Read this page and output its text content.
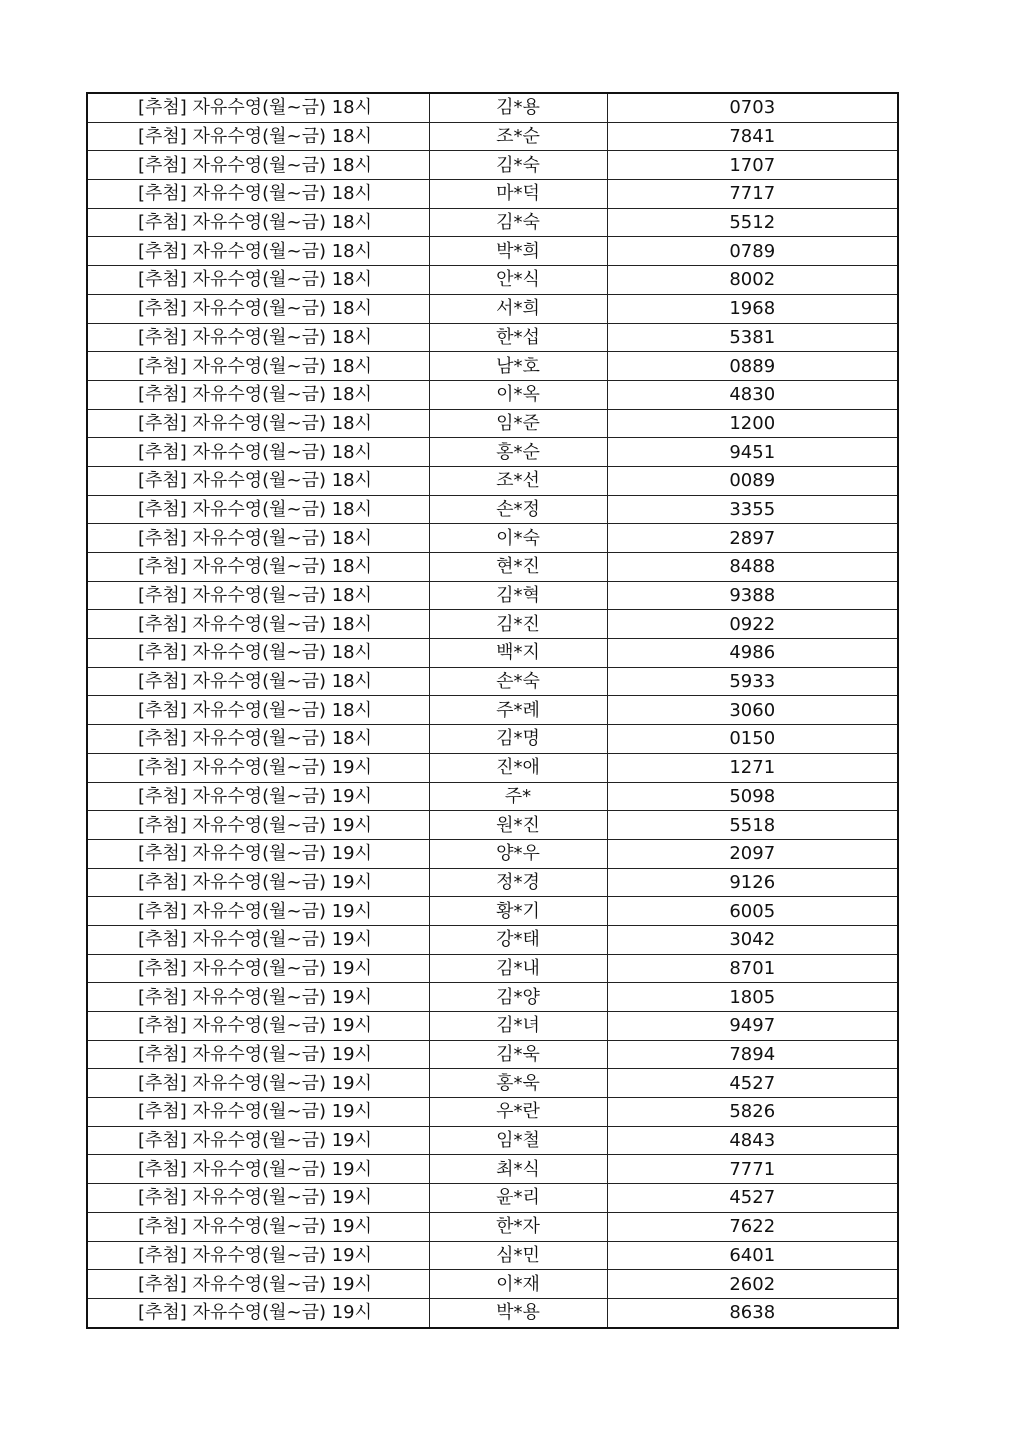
[추첨] 자유수영(월~금) 18시	김*용	0703
[추첨] 자유수영(월~금) 18시	조*순	7841
[추첨] 자유수영(월~금) 18시	김*숙	1707
[추첨] 자유수영(월~금) 18시	마*덕	7717
[추첨] 자유수영(월~금) 18시	김*숙	5512
[추첨] 자유수영(월~금) 18시	박*희	0789
[추첨] 자유수영(월~금) 18시	안*식	8002
[추첨] 자유수영(월~금) 18시	서*희	1968
[추첨] 자유수영(월~금) 18시	한*섭	5381
[추첨] 자유수영(월~금) 18시	남*호	0889
[추첨] 자유수영(월~금) 18시	이*옥	4830
[추첨] 자유수영(월~금) 18시	임*준	1200
[추첨] 자유수영(월~금) 18시	홍*순	9451
[추첨] 자유수영(월~금) 18시	조*선	0089
[추첨] 자유수영(월~금) 18시	손*정	3355
[추첨] 자유수영(월~금) 18시	이*숙	2897
[추첨] 자유수영(월~금) 18시	현*진	8488
[추첨] 자유수영(월~금) 18시	김*혁	9388
[추첨] 자유수영(월~금) 18시	김*진	0922
[추첨] 자유수영(월~금) 18시	백*지	4986
[추첨] 자유수영(월~금) 18시	손*숙	5933
[추첨] 자유수영(월~금) 18시	주*례	3060
[추첨] 자유수영(월~금) 18시	김*명	0150
[추첨] 자유수영(월~금) 19시	진*애	1271
[추첨] 자유수영(월~금) 19시	주*	5098
[추첨] 자유수영(월~금) 19시	원*진	5518
[추첨] 자유수영(월~금) 19시	양*우	2097
[추첨] 자유수영(월~금) 19시	정*경	9126
[추첨] 자유수영(월~금) 19시	황*기	6005
[추첨] 자유수영(월~금) 19시	강*태	3042
[추첨] 자유수영(월~금) 19시	김*내	8701
[추첨] 자유수영(월~금) 19시	김*양	1805
[추첨] 자유수영(월~금) 19시	김*녀	9497
[추첨] 자유수영(월~금) 19시	김*욱	7894
[추첨] 자유수영(월~금) 19시	홍*욱	4527
[추첨] 자유수영(월~금) 19시	우*란	5826
[추첨] 자유수영(월~금) 19시	임*철	4843
[추첨] 자유수영(월~금) 19시	최*식	7771
[추첨] 자유수영(월~금) 19시	윤*리	4527
[추첨] 자유수영(월~금) 19시	한*자	7622
[추첨] 자유수영(월~금) 19시	심*민	6401
[추첨] 자유수영(월~금) 19시	이*재	2602
[추첨] 자유수영(월~금) 19시	박*용	8638
